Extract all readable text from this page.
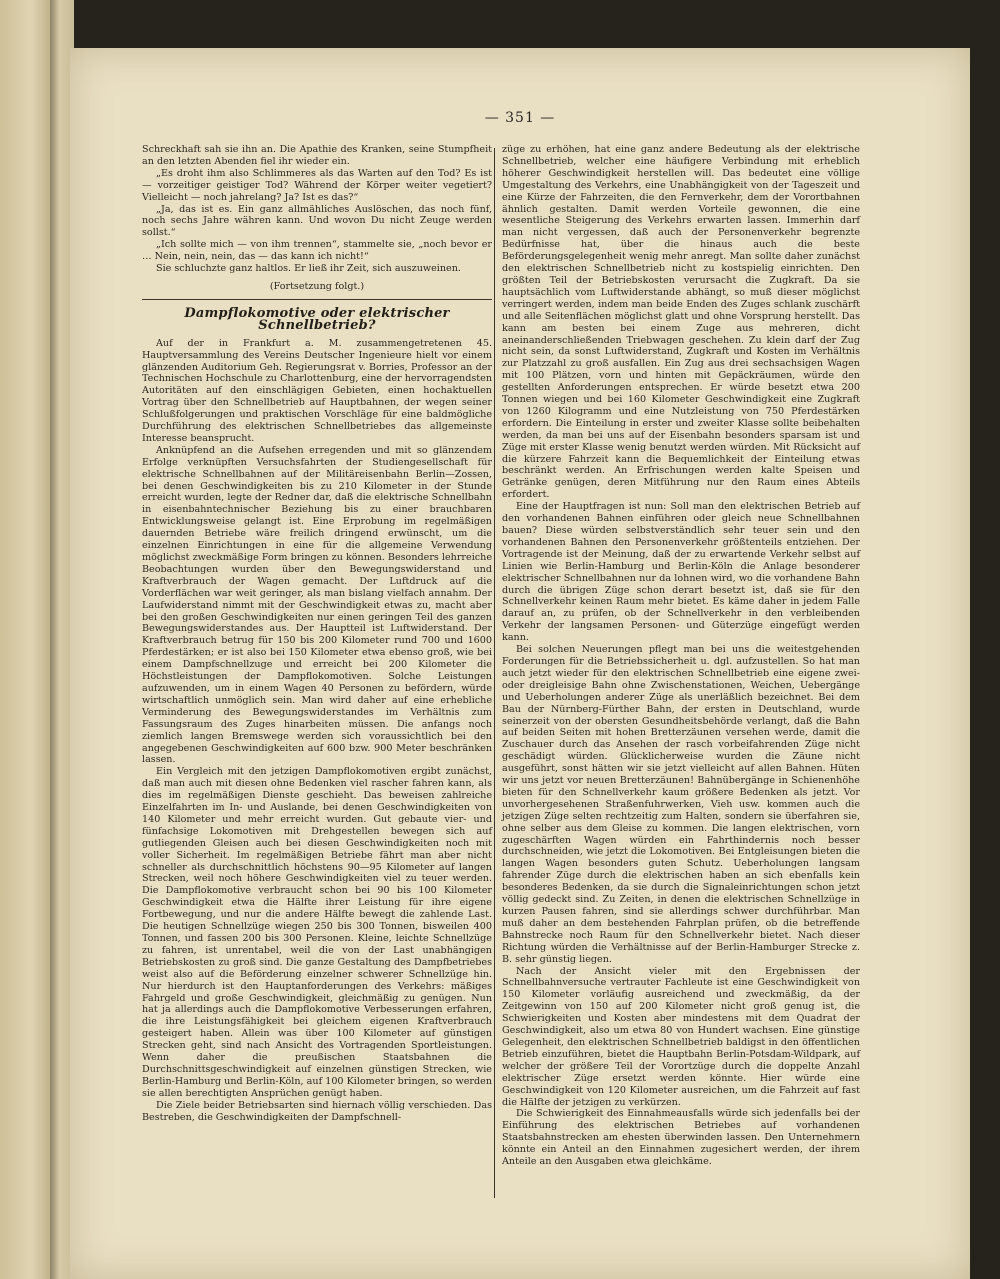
— 351 —

Schreckhaft sah sie ihn an. Die Apathie des Kranken, seine Stumpfheit an den letzten Abenden fiel ihr wieder ein.

„Es droht ihm also Schlimmeres als das Warten auf den Tod? Es ist — vorzeitiger geistiger Tod? Während der Körper weiter vegetiert? Vielleicht — noch jahrelang? Ja? Ist es das?“

„Ja, das ist es. Ein ganz allmähliches Auslöschen, das noch fünf, noch sechs Jahre währen kann. Und wovon Du nicht Zeuge werden sollst.“

„Ich sollte mich — von ihm trennen“, stammelte sie, „noch bevor er … Nein, nein, nein, das — das kann ich nicht!“

Sie schluchzte ganz haltlos. Er ließ ihr Zeit, sich auszuweinen.

(Fortsetzung folgt.)

Dampflokomotive oder elektrischer Schnellbetrieb?

Auf der in Frankfurt a. M. zusammengetretenen 45. Hauptversammlung des Vereins Deutscher Ingenieure hielt vor einem glänzenden Auditorium Geh. Regierungsrat v. Borries, Professor an der Technischen Hochschule zu Charlottenburg, eine der hervorragendsten Autoritäten auf den einschlägigen Gebieten, einen hochaktuellen Vortrag über den Schnellbetrieb auf Hauptbahnen, der wegen seiner Schlußfolgerungen und praktischen Vorschläge für eine baldmögliche Durchführung des elektrischen Schnellbetriebes das allgemeinste Interesse beansprucht.

Anknüpfend an die Aufsehen erregenden und mit so glänzendem Erfolge verknüpften Versuchsfahrten der Studiengesellschaft für elektrische Schnellbahnen auf der Militäreisenbahn Berlin—Zossen, bei denen Geschwindigkeiten bis zu 210 Kilometer in der Stunde erreicht wurden, legte der Redner dar, daß die elektrische Schnellbahn in eisenbahntechnischer Beziehung bis zu einer brauchbaren Entwicklungsweise gelangt ist. Eine Erprobung im regelmäßigen dauernden Betriebe wäre freilich dringend erwünscht, um die einzelnen Einrichtungen in eine für die allgemeine Verwendung möglichst zweckmäßige Form bringen zu können. Besonders lehrreiche Beobachtungen wurden über den Bewegungswiderstand und Kraftverbrauch der Wagen gemacht. Der Luftdruck auf die Vorderflächen war weit geringer, als man bislang vielfach annahm. Der Laufwiderstand nimmt mit der Geschwindigkeit etwas zu, macht aber bei den großen Geschwindigkeiten nur einen geringen Teil des ganzen Bewegungswiderstandes aus. Der Hauptteil ist Luftwiderstand. Der Kraftverbrauch betrug für 150 bis 200 Kilometer rund 700 und 1600 Pferdestärken; er ist also bei 150 Kilometer etwa ebenso groß, wie bei einem Dampfschnellzuge und erreicht bei 200 Kilometer die Höchstleistungen der Dampflokomotiven. Solche Leistungen aufzuwenden, um in einem Wagen 40 Personen zu befördern, würde wirtschaftlich unmöglich sein. Man wird daher auf eine erhebliche Verminderung des Bewegungswiderstandes im Verhältnis zum Fassungsraum des Zuges hinarbeiten müssen. Die anfangs noch ziemlich langen Bremswege werden sich voraussichtlich bei den angegebenen Geschwindigkeiten auf 600 bzw. 900 Meter beschränken lassen.

Ein Vergleich mit den jetzigen Dampflokomotiven ergibt zunächst, daß man auch mit diesen ohne Bedenken viel rascher fahren kann, als dies im regelmäßigen Dienste geschieht. Das beweisen zahlreiche Einzelfahrten im In- und Auslande, bei denen Geschwindigkeiten von 140 Kilometer und mehr erreicht wurden. Gut gebaute vier- und fünfachsige Lokomotiven mit Drehgestellen bewegen sich auf gutliegenden Gleisen auch bei diesen Geschwindigkeiten noch mit voller Sicherheit. Im regelmäßigen Betriebe fährt man aber nicht schneller als durchschnittlich höchstens 90—95 Kilometer auf langen Strecken, weil noch höhere Geschwindigkeiten viel zu teuer werden. Die Dampflokomotive verbraucht schon bei 90 bis 100 Kilometer Geschwindigkeit etwa die Hälfte ihrer Leistung für ihre eigene Fortbewegung, und nur die andere Hälfte bewegt die zahlende Last. Die heutigen Schnellzüge wiegen 250 bis 300 Tonnen, bisweilen 400 Tonnen, und fassen 200 bis 300 Personen. Kleine, leichte Schnellzüge zu fahren, ist unrentabel, weil die von der Last unabhängigen Betriebskosten zu groß sind. Die ganze Gestaltung des Dampfbetriebes weist also auf die Beförderung einzelner schwerer Schnellzüge hin. Nur hierdurch ist den Hauptanforderungen des Verkehrs: mäßiges Fahrgeld und große Geschwindigkeit, gleichmäßig zu genügen. Nun hat ja allerdings auch die Dampflokomotive Verbesserungen erfahren, die ihre Leistungsfähigkeit bei gleichem eigenen Kraftverbrauch gesteigert haben. Allein was über 100 Kilometer auf günstigen Strecken geht, sind nach Ansicht des Vortragenden Sportleistungen. Wenn daher die preußischen Staatsbahnen die Durchschnittsgeschwindigkeit auf einzelnen günstigen Strecken, wie Berlin-Hamburg und Berlin-Köln, auf 100 Kilometer bringen, so werden sie allen berechtigten Ansprüchen genügt haben.

Die Ziele beider Betriebsarten sind hiernach völlig verschieden. Das Bestreben, die Geschwindigkeiten der Dampfschnell-

züge zu erhöhen, hat eine ganz andere Bedeutung als der elektrische Schnellbetrieb, welcher eine häufigere Verbindung mit erheblich höherer Geschwindigkeit herstellen will. Das bedeutet eine völlige Umgestaltung des Verkehrs, eine Unabhängigkeit von der Tageszeit und eine Kürze der Fahrzeiten, die den Fernverkehr, dem der Vorortbahnen ähnlich gestalten. Damit werden Vorteile gewonnen, die eine wesentliche Steigerung des Verkehrs erwarten lassen. Immerhin darf man nicht vergessen, daß auch der Personenverkehr begrenzte Bedürfnisse hat, über die hinaus auch die beste Beförderungsgelegenheit wenig mehr anregt. Man sollte daher zunächst den elektrischen Schnellbetrieb nicht zu kostspielig einrichten. Den größten Teil der Betriebskosten verursacht die Zugkraft. Da sie hauptsächlich vom Luftwiderstande abhängt, so muß dieser möglichst verringert werden, indem man beide Enden des Zuges schlank zuschärft und alle Seitenflächen möglichst glatt und ohne Vorsprung herstellt. Das kann am besten bei einem Zuge aus mehreren, dicht aneinanderschließenden Triebwagen geschehen. Zu klein darf der Zug nicht sein, da sonst Luftwiderstand, Zugkraft und Kosten im Verhältnis zur Platzzahl zu groß ausfallen. Ein Zug aus drei sechsachsigen Wagen mit 100 Plätzen, vorn und hinten mit Gepäckräumen, würde den gestellten Anforderungen entsprechen. Er würde besetzt etwa 200 Tonnen wiegen und bei 160 Kilometer Geschwindigkeit eine Zugkraft von 1260 Kilogramm und eine Nutzleistung von 750 Pferdestärken erfordern. Die Einteilung in erster und zweiter Klasse sollte beibehalten werden, da man bei uns auf der Eisenbahn besonders sparsam ist und Züge mit erster Klasse wenig benutzt werden würden. Mit Rücksicht auf die kürzere Fahrzeit kann die Bequemlichkeit der Einteilung etwas beschränkt werden. An Erfrischungen werden kalte Speisen und Getränke genügen, deren Mitführung nur den Raum eines Abteils erfordert.

Eine der Hauptfragen ist nun: Soll man den elektrischen Betrieb auf den vorhandenen Bahnen einführen oder gleich neue Schnellbahnen bauen? Diese würden selbstverständlich sehr teuer sein und den vorhandenen Bahnen den Personenverkehr größtenteils entziehen. Der Vortragende ist der Meinung, daß der zu erwartende Verkehr selbst auf Linien wie Berlin-Hamburg und Berlin-Köln die Anlage besonderer elektrischer Schnellbahnen nur da lohnen wird, wo die vorhandene Bahn durch die übrigen Züge schon derart besetzt ist, daß sie für den Schnellverkehr keinen Raum mehr bietet. Es käme daher in jedem Falle darauf an, zu prüfen, ob der Schnellverkehr in den verbleibenden Verkehr der langsamen Personen- und Güterzüge eingefügt werden kann.

Bei solchen Neuerungen pflegt man bei uns die weitestgehenden Forderungen für die Betriebssicherheit u. dgl. aufzustellen. So hat man auch jetzt wieder für den elektrischen Schnellbetrieb eine eigene zwei- oder dreigleisige Bahn ohne Zwischenstationen, Weichen, Uebergänge und Ueberholungen anderer Züge als unerläßlich bezeichnet. Bei dem Bau der Nürnberg-Fürther Bahn, der ersten in Deutschland, wurde seinerzeit von der obersten Gesundheitsbehörde verlangt, daß die Bahn auf beiden Seiten mit hohen Bretterzäunen versehen werde, damit die Zuschauer durch das Ansehen der rasch vorbeifahrenden Züge nicht geschädigt würden. Glücklicherweise wurden die Zäune nicht ausgeführt, sonst hätten wir sie jetzt vielleicht auf allen Bahnen. Hüten wir uns jetzt vor neuen Bretterzäunen! Bahnübergänge in Schienenhöhe bieten für den Schnellverkehr kaum größere Bedenken als jetzt. Vor unvorhergesehenen Straßenfuhrwerken, Vieh usw. kommen auch die jetzigen Züge selten rechtzeitig zum Halten, sondern sie überfahren sie, ohne selber aus dem Gleise zu kommen. Die langen elektrischen, vorn zugeschärften Wagen würden ein Fahrthindernis noch besser durchschneiden, wie jetzt die Lokomotiven. Bei Entgleisungen bieten die langen Wagen besonders guten Schutz. Ueberholungen langsam fahrender Züge durch die elektrischen haben an sich ebenfalls kein besonderes Bedenken, da sie durch die Signaleinrichtungen schon jetzt völlig gedeckt sind. Zu Zeiten, in denen die elektrischen Schnellzüge in kurzen Pausen fahren, sind sie allerdings schwer durchführbar. Man muß daher an dem bestehenden Fahrplan prüfen, ob die betreffende Bahnstrecke noch Raum für den Schnellverkehr bietet. Nach dieser Richtung würden die Verhältnisse auf der Berlin-Hamburger Strecke z. B. sehr günstig liegen.

Nach der Ansicht vieler mit den Ergebnissen der Schnellbahnversuche vertrauter Fachleute ist eine Geschwindigkeit von 150 Kilometer vorläufig ausreichend und zweckmäßig, da der Zeitgewinn von 150 auf 200 Kilometer nicht groß genug ist, die Schwierigkeiten und Kosten aber mindestens mit dem Quadrat der Geschwindigkeit, also um etwa 80 von Hundert wachsen. Eine günstige Gelegenheit, den elektrischen Schnellbetrieb baldigst in den öffentlichen Betrieb einzuführen, bietet die Hauptbahn Berlin-Potsdam-Wildpark, auf welcher der größere Teil der Vorortzüge durch die doppelte Anzahl elektrischer Züge ersetzt werden könnte. Hier würde eine Geschwindigkeit von 120 Kilometer ausreichen, um die Fahrzeit auf fast die Hälfte der jetzigen zu verkürzen.

Die Schwierigkeit des Einnahmeausfalls würde sich jedenfalls bei der Einführung des elektrischen Betriebes auf vorhandenen Staatsbahnstrecken am ehesten überwinden lassen. Den Unternehmern könnte ein Anteil an den Einnahmen zugesichert werden, der ihrem Anteile an den Ausgaben etwa gleichkäme.
